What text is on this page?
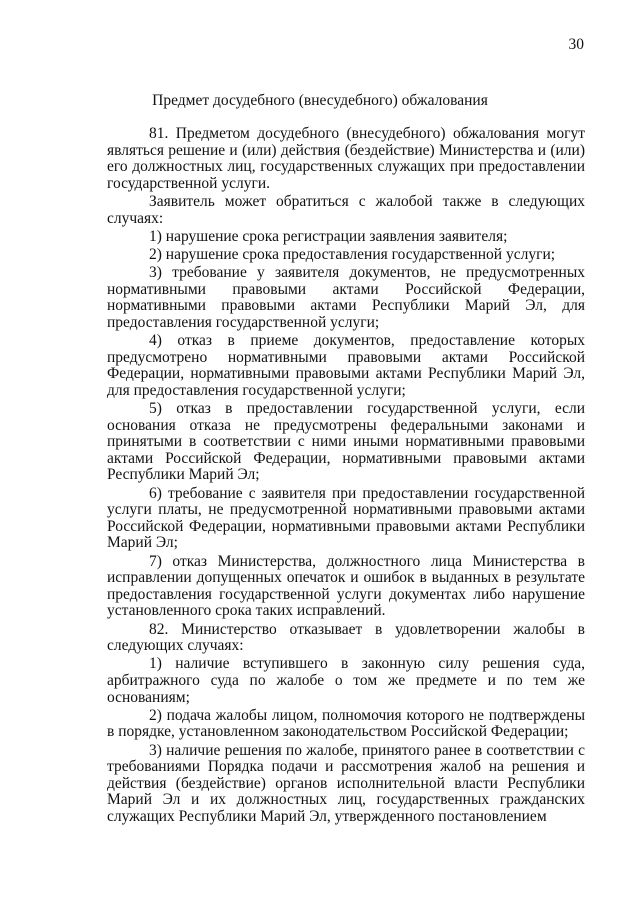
30
Предмет досудебного (внесудебного) обжалования

81. Предметом досудебного (внесудебного) обжалования могут являться решение и (или) действия (бездействие) Министерства и (или) его должностных лиц, государственных служащих при предоставлении государственной услуги.

Заявитель может обратиться с жалобой также в следующих случаях:

1) нарушение срока регистрации заявления заявителя;

2) нарушение срока предоставления государственной услуги;

3) требование у заявителя документов, не предусмотренных нормативными правовыми актами Российской Федерации, нормативными правовыми актами Республики Марий Эл, для предоставления государственной услуги;

4) отказ в приеме документов, предоставление которых предусмотрено нормативными правовыми актами Российской Федерации, нормативными правовыми актами Республики Марий Эл, для предоставления государственной услуги;

5) отказ в предоставлении государственной услуги, если основания отказа не предусмотрены федеральными законами и принятыми в соответствии с ними иными нормативными правовыми актами Российской Федерации, нормативными правовыми актами Республики Марий Эл;

6) требование с заявителя при предоставлении государственной услуги платы, не предусмотренной нормативными правовыми актами Российской Федерации, нормативными правовыми актами Республики Марий Эл;

7) отказ Министерства, должностного лица Министерства в исправлении допущенных опечаток и ошибок в выданных в результате предоставления государственной услуги документах либо нарушение установленного срока таких исправлений.

82. Министерство отказывает в удовлетворении жалобы в следующих случаях:

1) наличие вступившего в законную силу решения суда, арбитражного суда по жалобе о том же предмете и по тем же основаниям;

2) подача жалобы лицом, полномочия которого не подтверждены в порядке, установленном законодательством Российской Федерации;

3) наличие решения по жалобе, принятого ранее в соответствии с требованиями Порядка подачи и рассмотрения жалоб на решения и действия (бездействие) органов исполнительной власти Республики Марий Эл и их должностных лиц, государственных гражданских служащих Республики Марий Эл, утвержденного постановлением
